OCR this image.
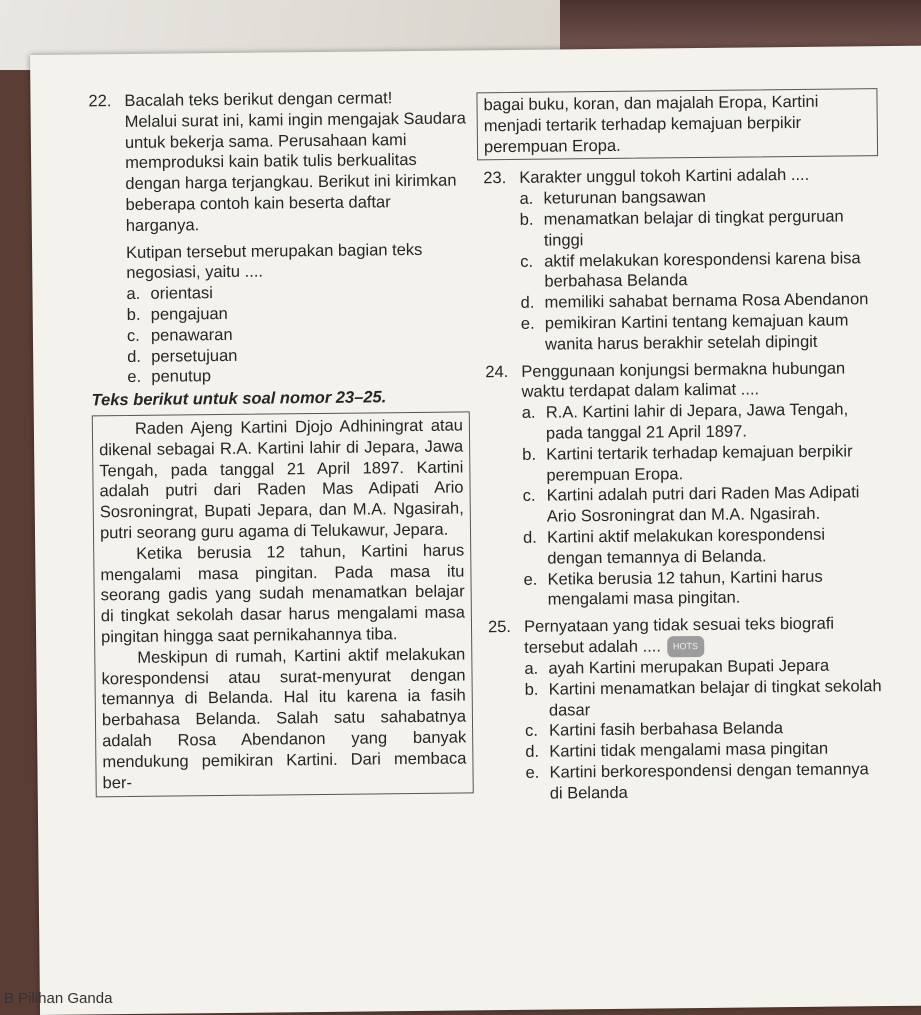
22. Bacalah teks berikut dengan cermat!

Melalui surat ini, kami ingin mengajak Saudara untuk bekerja sama. Perusahaan kami memproduksi kain batik tulis berkualitas dengan harga terjangkau. Berikut ini kirimkan beberapa contoh kain beserta daftar harganya.

Kutipan tersebut merupakan bagian teks negosiasi, yaitu ....

a. orientasi
b. pengajuan
c. penawaran
d. persetujuan
e. penutup

Teks berikut untuk soal nomor 23–25.

Raden Ajeng Kartini Djojo Adhiningrat atau dikenal sebagai R.A. Kartini lahir di Jepara, Jawa Tengah, pada tanggal 21 April 1897. Kartini adalah putri dari Raden Mas Adipati Ario Sosroningrat, Bupati Jepara, dan M.A. Ngasirah, putri seorang guru agama di Telukawur, Jepara.

Ketika berusia 12 tahun, Kartini harus mengalami masa pingitan. Pada masa itu seorang gadis yang sudah menamatkan belajar di tingkat sekolah dasar harus mengalami masa pingitan hingga saat pernikahannya tiba.

Meskipun di rumah, Kartini aktif melakukan korespondensi atau surat-menyurat dengan temannya di Belanda. Hal itu karena ia fasih berbahasa Belanda. Salah satu sahabatnya adalah Rosa Abendanon yang banyak mendukung pemikiran Kartini. Dari membaca ber-

bagai buku, koran, dan majalah Eropa, Kartini menjadi tertarik terhadap kemajuan berpikir perempuan Eropa.

23. Karakter unggul tokoh Kartini adalah ....
a. keturunan bangsawan
b. menamatkan belajar di tingkat perguruan tinggi
c. aktif melakukan korespondensi karena bisa berbahasa Belanda
d. memiliki sahabat bernama Rosa Abendanon
e. pemikiran Kartini tentang kemajuan kaum wanita harus berakhir setelah dipingit
24. Penggunaan konjungsi bermakna hubungan waktu terdapat dalam kalimat ....
a. R.A. Kartini lahir di Jepara, Jawa Tengah, pada tanggal 21 April 1897.
b. Kartini tertarik terhadap kemajuan berpikir perempuan Eropa.
c. Kartini adalah putri dari Raden Mas Adipati Ario Sosroningrat dan M.A. Ngasirah.
d. Kartini aktif melakukan korespondensi dengan temannya di Belanda.
e. Ketika berusia 12 tahun, Kartini harus mengalami masa pingitan.
25. Pernyataan yang tidak sesuai teks biografi tersebut adalah .... HOTS
a. ayah Kartini merupakan Bupati Jepara
b. Kartini menamatkan belajar di tingkat sekolah dasar
c. Kartini fasih berbahasa Belanda
d. Kartini tidak mengalami masa pingitan
e. Kartini berkorespondensi dengan temannya di Belanda
B Pilihan Ganda
